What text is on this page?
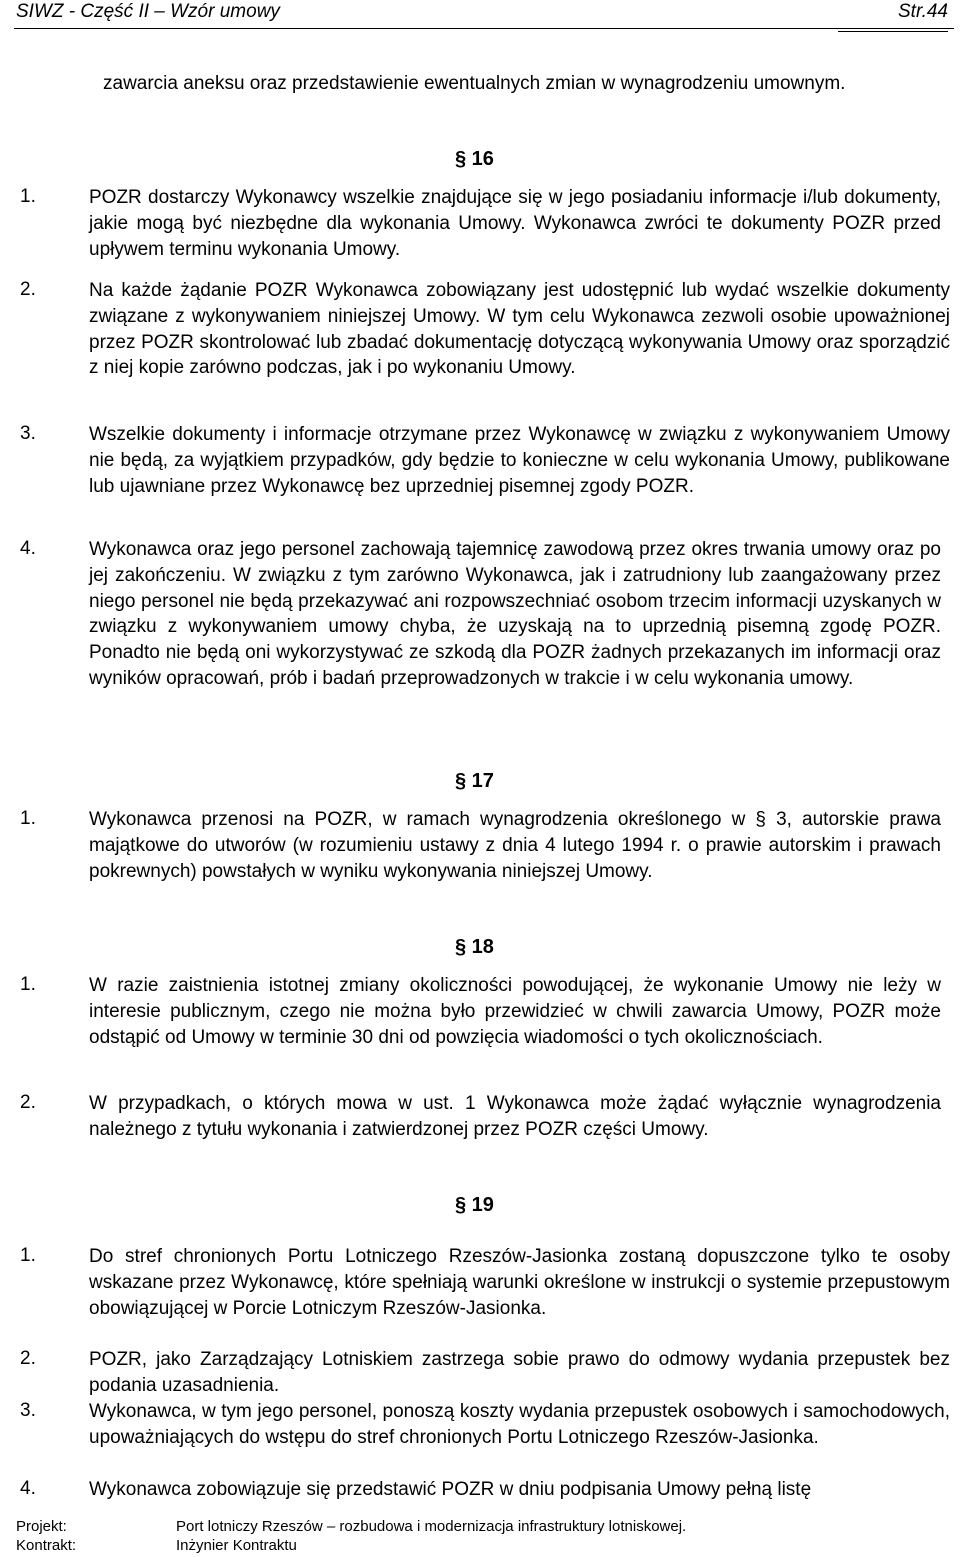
SIWZ - Część II – Wzór umowy	Str.44
zawarcia aneksu oraz przedstawienie ewentualnych zmian w wynagrodzeniu umownym.
§ 16
1.	POZR dostarczy Wykonawcy wszelkie znajdujące się w jego posiadaniu informacje i/lub dokumenty, jakie mogą być niezbędne dla wykonania Umowy. Wykonawca zwróci te dokumenty POZR przed upływem terminu wykonania Umowy.
2.	Na każde żądanie POZR Wykonawca zobowiązany jest udostępnić lub wydać wszelkie dokumenty związane z wykonywaniem niniejszej Umowy. W tym celu Wykonawca zezwoli osobie upoważnionej przez POZR skontrolować lub zbadać dokumentację dotyczącą wykonywania Umowy oraz sporządzić z niej kopie zarówno podczas, jak i po wykonaniu Umowy.
3.	Wszelkie dokumenty i informacje otrzymane przez Wykonawcę w związku z wykonywaniem Umowy nie będą, za wyjątkiem przypadków, gdy będzie to konieczne w celu wykonania Umowy, publikowane lub ujawniane przez Wykonawcę bez uprzedniej pisemnej zgody POZR.
4.	Wykonawca oraz jego personel zachowają tajemnicę zawodową przez okres trwania umowy oraz po jej zakończeniu. W związku z tym zarówno Wykonawca, jak i zatrudniony lub zaangażowany przez niego personel nie będą przekazywać ani rozpowszechniać osobom trzecim informacji uzyskanych w związku z wykonywaniem umowy chyba, że uzyskają na to uprzednią pisemną zgodę POZR. Ponadto nie będą oni wykorzystywać ze szkodą dla POZR żadnych przekazanych im informacji oraz wyników opracowań, prób i badań przeprowadzonych w trakcie i w celu wykonania umowy.
§ 17
1.	Wykonawca przenosi na POZR, w ramach wynagrodzenia określonego w § 3, autorskie prawa majątkowe do utworów (w rozumieniu ustawy z dnia 4 lutego 1994 r. o prawie autorskim i prawach pokrewnych) powstałych w wyniku wykonywania niniejszej Umowy.
§ 18
1.	W razie zaistnienia istotnej zmiany okoliczności powodującej, że wykonanie Umowy nie leży w interesie publicznym, czego nie można było przewidzieć w chwili zawarcia Umowy, POZR może odstąpić od Umowy w terminie 30 dni od powzięcia wiadomości o tych okolicznościach.
2.	W przypadkach, o których mowa w ust. 1 Wykonawca może żądać wyłącznie wynagrodzenia należnego z tytułu wykonania i zatwierdzonej przez POZR części Umowy.
§ 19
1.	Do stref chronionych Portu Lotniczego Rzeszów-Jasionka zostaną dopuszczone tylko te osoby wskazane przez Wykonawcę, które spełniają warunki określone w instrukcji o systemie przepustowym obowiązującej w Porcie Lotniczym Rzeszów-Jasionka.
2.	POZR, jako Zarządzający Lotniskiem zastrzega sobie prawo do odmowy wydania przepustek bez podania uzasadnienia.
3.	Wykonawca, w tym jego personel, ponoszą koszty wydania przepustek osobowych i samochodowych, upoważniających do wstępu do stref chronionych Portu Lotniczego Rzeszów-Jasionka.
4.	Wykonawca zobowiązuje się przedstawić POZR w dniu podpisania Umowy pełną listę
Projekt:	Port lotniczy Rzeszów – rozbudowa i modernizacja infrastruktury lotniskowej.
Kontrakt:	Inżynier Kontraktu
